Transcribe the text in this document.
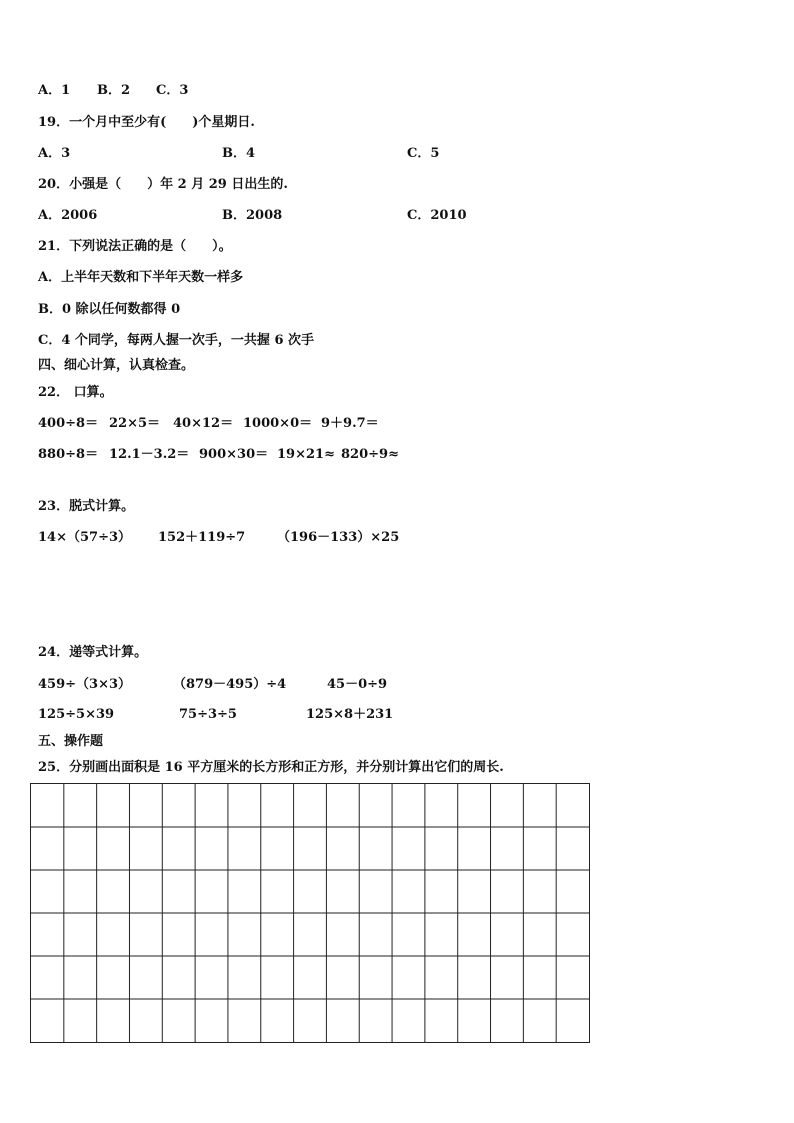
A．1 B．2 C．3
19．一个月中至少有(　　)个星期日.
A．3	B．4	C．5
20．小强是（　　）年 2 月 29 日出生的.
A．2006	B．2008	C．2010
21．下列说法正确的是（　　）。
A．上半年天数和下半年天数一样多
B．0 除以任何数都得 0
C．4 个同学，每两人握一次手，一共握 6 次手
四、细心计算，认真检查。
22． 口算。
400÷8＝ 22×5＝ 40×12＝ 1000×0＝ 9＋9.7＝
880÷8＝ 12.1－3.2＝ 900×30＝ 19×21≈ 820÷9≈
23．脱式计算。
14×（57÷3） 152＋119÷7 （196－133）×25
24．递等式计算。
459÷（3×3）	（879－495）÷4	45－0÷9
125÷5×39	75÷3÷5	125×8＋231
五、操作题
25．分别画出面积是 16 平方厘米的长方形和正方形，并分别计算出它们的周长.
